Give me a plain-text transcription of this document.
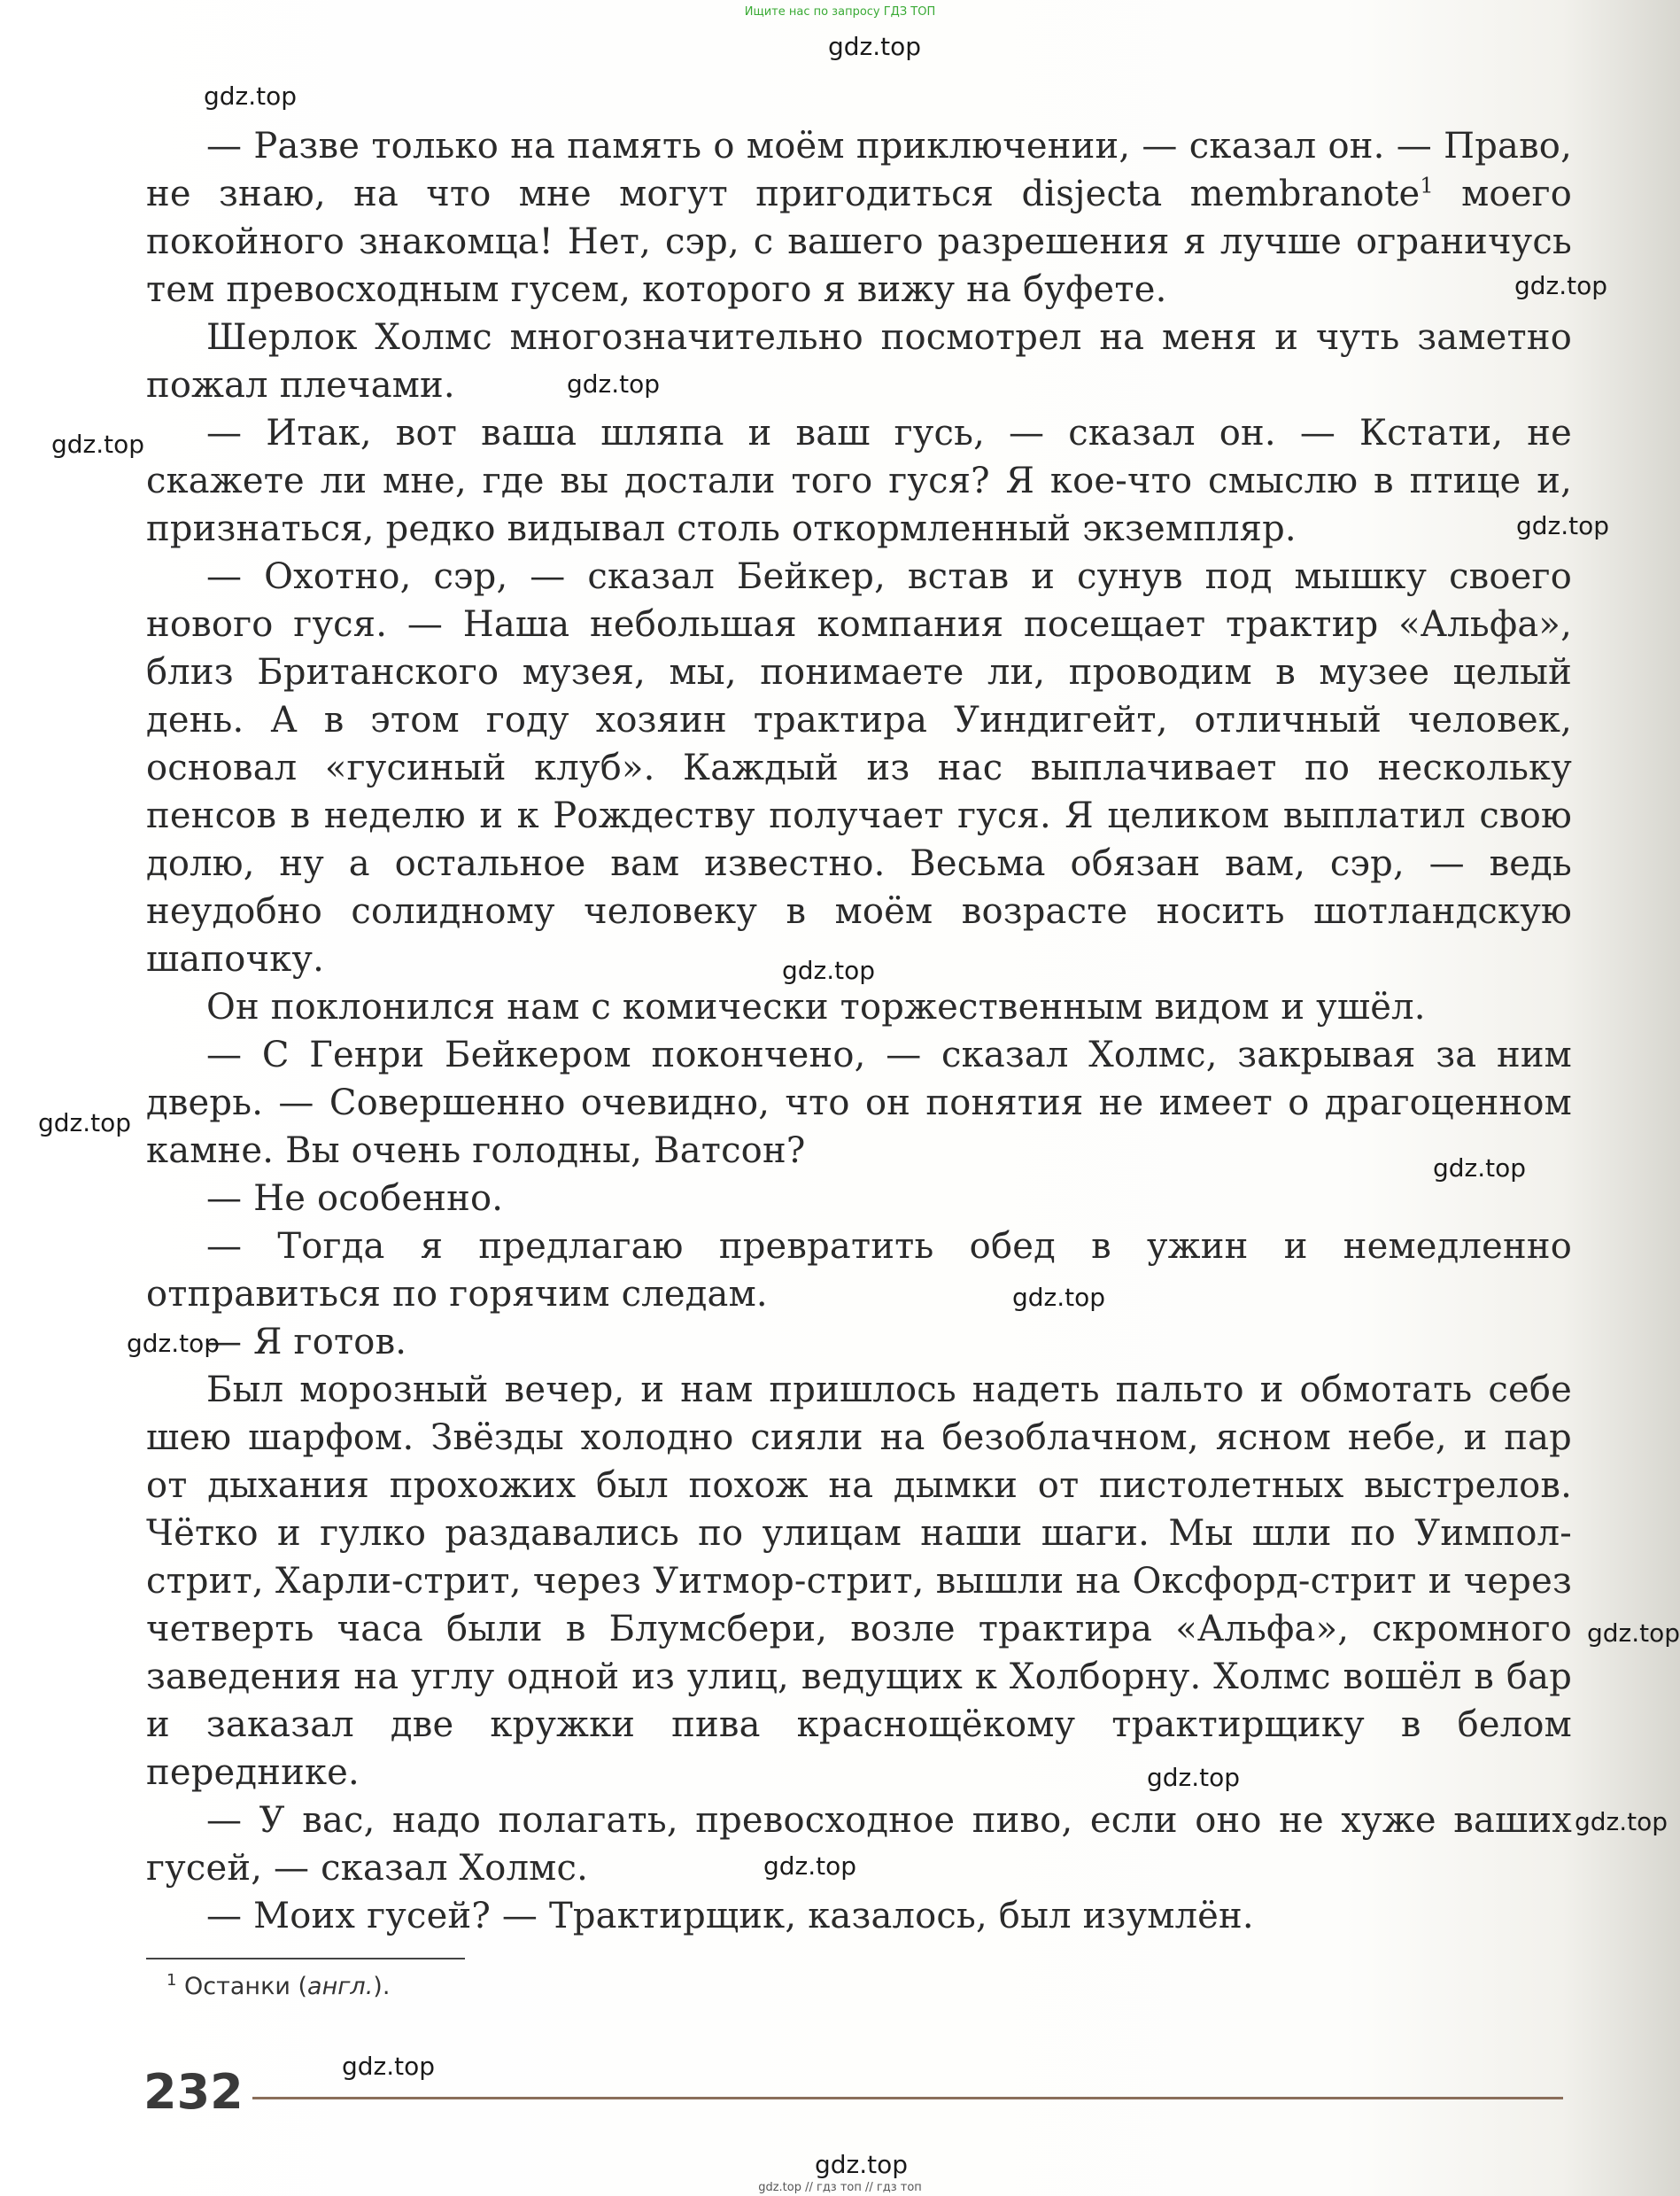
Ищите нас по запросу ГДЗ ТОП

— Разве только на память о моём приключении, — сказал он. — Право, не знаю, на что мне могут пригодиться disjecta membranote$^1$ моего покойного знакомца! Нет, сэр, с вашего разрешения я лучше ограничусь тем превосходным гусем, которого я вижу на буфете.

Шерлок Холмс многозначительно посмотрел на меня и чуть заметно пожал плечами.

— Итак, вот ваша шляпа и ваш гусь, — сказал он. — Кстати, не скажете ли мне, где вы достали того гуся? Я кое-что смыслю в птице и, признаться, редко видывал столь откормленный экземпляр.

— Охотно, сэр, — сказал Бейкер, встав и сунув под мышку своего нового гуся. — Наша небольшая компания посещает трактир «Альфа», близ Британского музея, мы, понимаете ли, проводим в музее целый день. А в этом году хозяин трактира Уиндигейт, отличный человек, основал «гусиный клуб». Каждый из нас выплачивает по нескольку пенсов в неделю и к Рождеству получает гуся. Я целиком выплатил свою долю, ну а остальное вам известно. Весьма обязан вам, сэр, — ведь неудобно солидному человеку в моём возрасте носить шотландскую шапочку.

Он поклонился нам с комически торжественным видом и ушёл.

— С Генри Бейкером покончено, — сказал Холмс, закрывая за ним дверь. — Совершенно очевидно, что он понятия не имеет о драгоценном камне. Вы очень голодны, Ватсон?

— Не особенно.

— Тогда я предлагаю превратить обед в ужин и немедленно отправиться по горячим следам.

— Я готов.

Был морозный вечер, и нам пришлось надеть пальто и обмотать себе шею шарфом. Звёзды холодно сияли на безоблачном, ясном небе, и пар от дыхания прохожих был похож на дымки от пистолетных выстрелов. Чётко и гулко раздавались по улицам наши шаги. Мы шли по Уимпол-стрит, Харли-стрит, через Уитмор-стрит, вышли на Оксфорд-стрит и через четверть часа были в Блумсбери, возле трактира «Альфа», скромного заведения на углу одной из улиц, ведущих к Холборну. Холмс вошёл в бар и заказал две кружки пива краснощёкому трактирщику в белом переднике.

— У вас, надо полагать, превосходное пиво, если оно не хуже ваших гусей, — сказал Холмс.

— Моих гусей? — Трактирщик, казалось, был изумлён.

$^1$ Останки (англ.).
232
gdz.top
gdz.top
gdz.top
gdz.top
gdz.top
gdz.top
gdz.top
gdz.top
gdz.top
gdz.top
gdz.top
gdz.top
gdz.top
gdz.top
gdz.top
gdz.top
gdz.top
gdz.top // гдз топ // гдз топ
